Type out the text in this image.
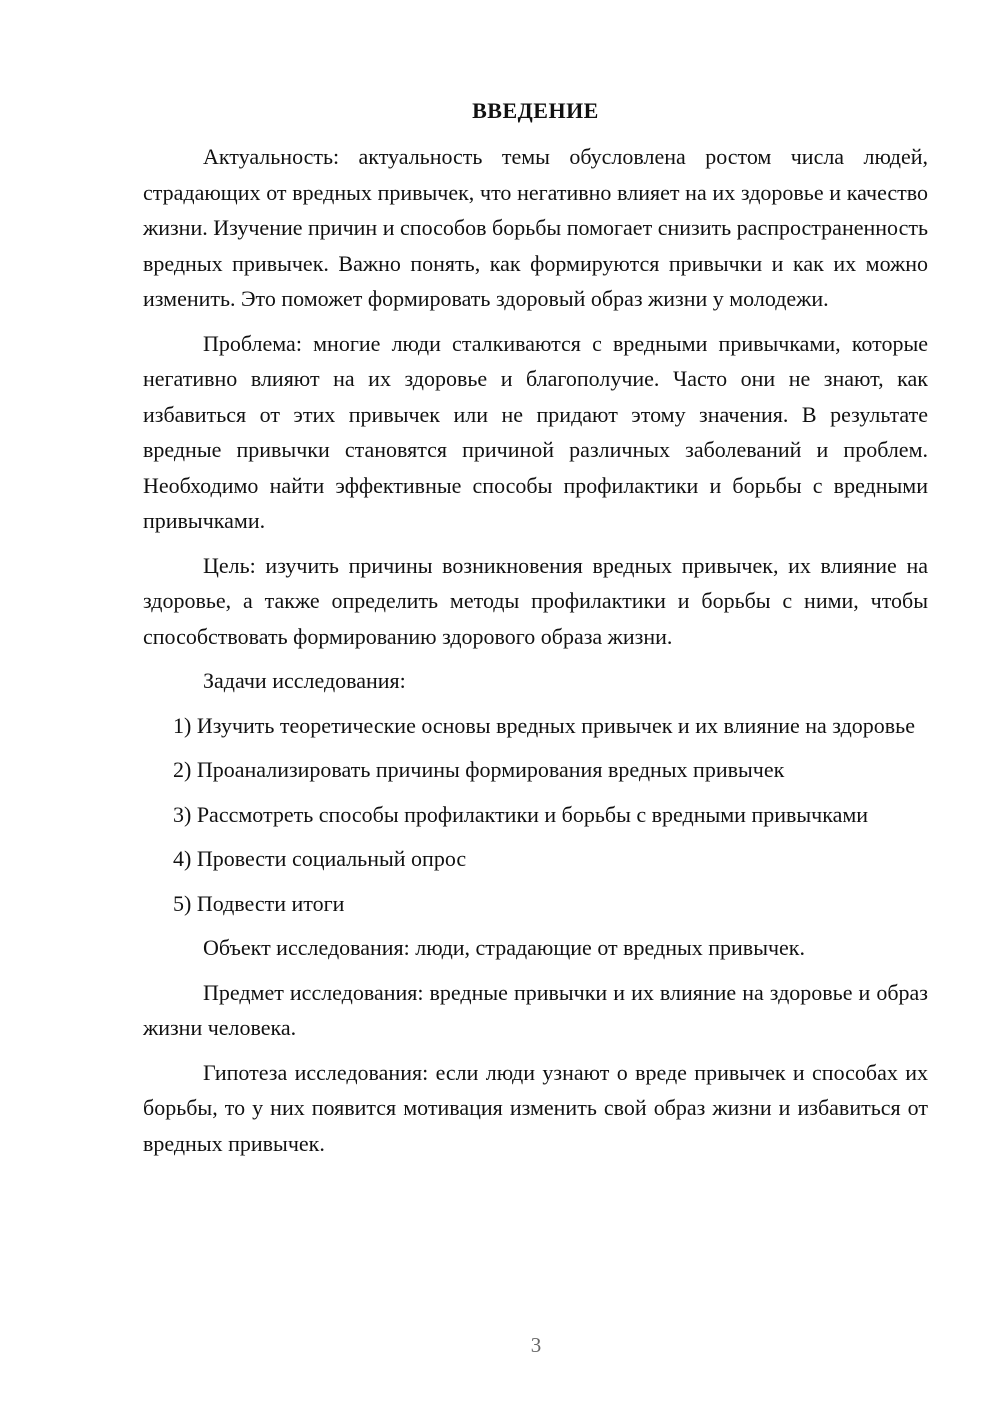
ВВЕДЕНИЕ

Актуальность: актуальность темы обусловлена ростом числа людей, страдающих от вредных привычек, что негативно влияет на их здоровье и качество жизни. Изучение причин и способов борьбы помогает снизить распространенность вредных привычек. Важно понять, как формируются привычки и как их можно изменить. Это поможет формировать здоровый образ жизни у молодежи.

Проблема: многие люди сталкиваются с вредными привычками, которые негативно влияют на их здоровье и благополучие. Часто они не знают, как избавиться от этих привычек или не придают этому значения. В результате вредные привычки становятся причиной различных заболеваний и проблем. Необходимо найти эффективные способы профилактики и борьбы с вредными привычками.

Цель: изучить причины возникновения вредных привычек, их влияние на здоровье, а также определить методы профилактики и борьбы с ними, чтобы способствовать формированию здорового образа жизни.

Задачи исследования:

1) Изучить теоретические основы вредных привычек и их влияние на здоровье

2) Проанализировать причины формирования вредных привычек

3) Рассмотреть способы профилактики и борьбы с вредными привычками

4) Провести социальный опрос

5) Подвести итоги

Объект исследования: люди, страдающие от вредных привычек.

Предмет исследования: вредные привычки и их влияние на здоровье и образ жизни человека.

Гипотеза исследования: если люди узнают о вреде привычек и способах их борьбы, то у них появится мотивация изменить свой образ жизни и избавиться от вредных привычек.

3
